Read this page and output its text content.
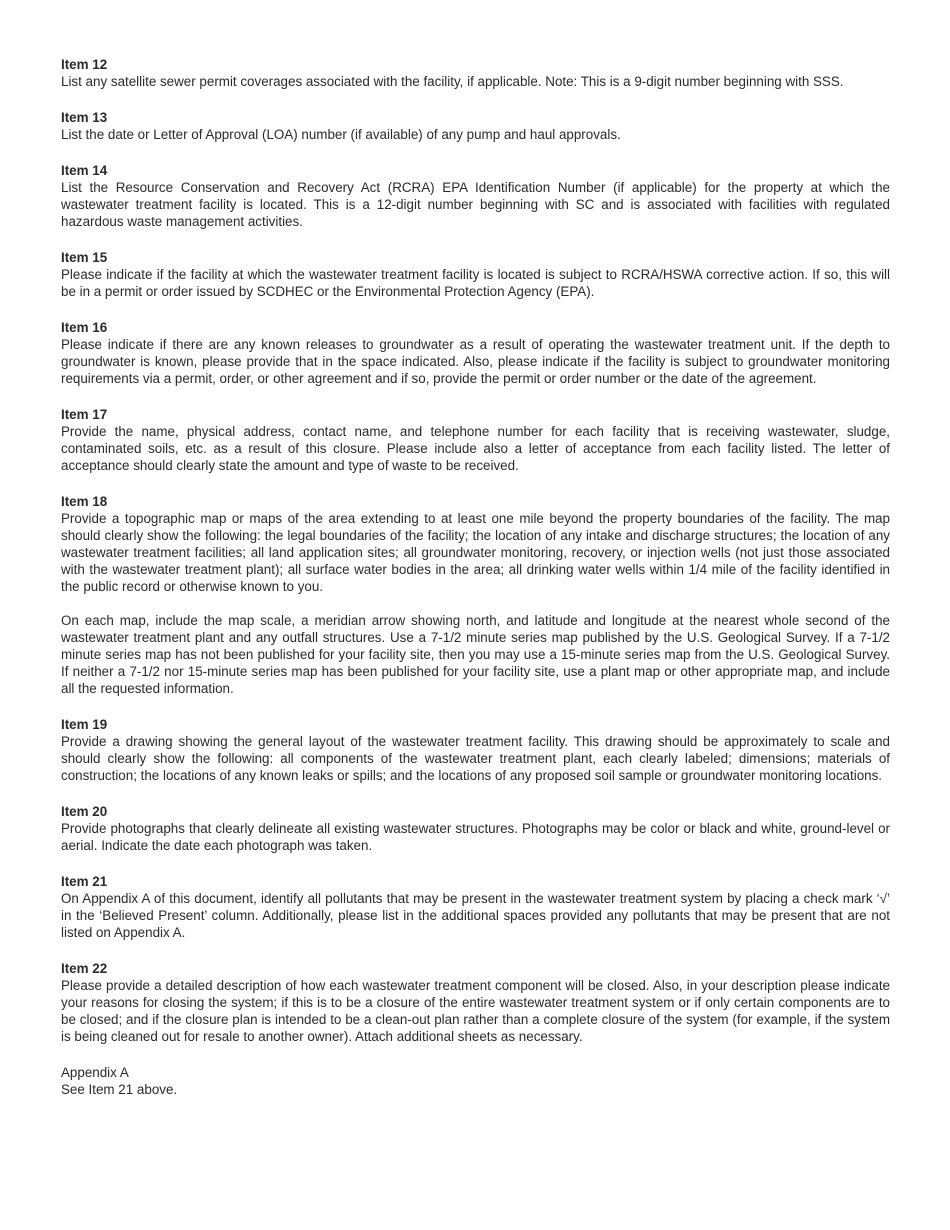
Item 12

List any satellite sewer permit coverages associated with the facility, if applicable. Note: This is a 9-digit number beginning with SSS.

Item 13

List the date or Letter of Approval (LOA) number (if available) of any pump and haul approvals.

Item 14

List the Resource Conservation and Recovery Act (RCRA) EPA Identification Number (if applicable) for the property at which the wastewater treatment facility is located. This is a 12-digit number beginning with SC and is associated with facilities with regulated hazardous waste management activities.

Item 15

Please indicate if the facility at which the wastewater treatment facility is located is subject to RCRA/HSWA corrective action. If so, this will be in a permit or order issued by SCDHEC or the Environmental Protection Agency (EPA).

Item 16

Please indicate if there are any known releases to groundwater as a result of operating the wastewater treatment unit. If the depth to groundwater is known, please provide that in the space indicated. Also, please indicate if the facility is subject to groundwater monitoring requirements via a permit, order, or other agreement and if so, provide the permit or order number or the date of the agreement.

Item 17

Provide the name, physical address, contact name, and telephone number for each facility that is receiving wastewater, sludge, contaminated soils, etc. as a result of this closure. Please include also a letter of acceptance from each facility listed. The letter of acceptance should clearly state the amount and type of waste to be received.

Item 18

Provide a topographic map or maps of the area extending to at least one mile beyond the property boundaries of the facility. The map should clearly show the following: the legal boundaries of the facility; the location of any intake and discharge structures; the location of any wastewater treatment facilities; all land application sites; all groundwater monitoring, recovery, or injection wells (not just those associated with the wastewater treatment plant); all surface water bodies in the area; all drinking water wells within 1/4 mile of the facility identified in the public record or otherwise known to you.

On each map, include the map scale, a meridian arrow showing north, and latitude and longitude at the nearest whole second of the wastewater treatment plant and any outfall structures. Use a 7-1/2 minute series map published by the U.S. Geological Survey. If a 7-1/2 minute series map has not been published for your facility site, then you may use a 15-minute series map from the U.S. Geological Survey. If neither a 7-1/2 nor 15-minute series map has been published for your facility site, use a plant map or other appropriate map, and include all the requested information.

Item 19

Provide a drawing showing the general layout of the wastewater treatment facility. This drawing should be approximately to scale and should clearly show the following: all components of the wastewater treatment plant, each clearly labeled; dimensions; materials of construction; the locations of any known leaks or spills; and the locations of any proposed soil sample or groundwater monitoring locations.

Item 20

Provide photographs that clearly delineate all existing wastewater structures. Photographs may be color or black and white, ground-level or aerial. Indicate the date each photograph was taken.

Item 21

On Appendix A of this document, identify all pollutants that may be present in the wastewater treatment system by placing a check mark ‘√’ in the ‘Believed Present’ column. Additionally, please list in the additional spaces provided any pollutants that may be present that are not listed on Appendix A.

Item 22

Please provide a detailed description of how each wastewater treatment component will be closed. Also, in your description please indicate your reasons for closing the system; if this is to be a closure of the entire wastewater treatment system or if only certain components are to be closed; and if the closure plan is intended to be a clean-out plan rather than a complete closure of the system (for example, if the system is being cleaned out for resale to another owner). Attach additional sheets as necessary.

Appendix A

See Item 21 above.
